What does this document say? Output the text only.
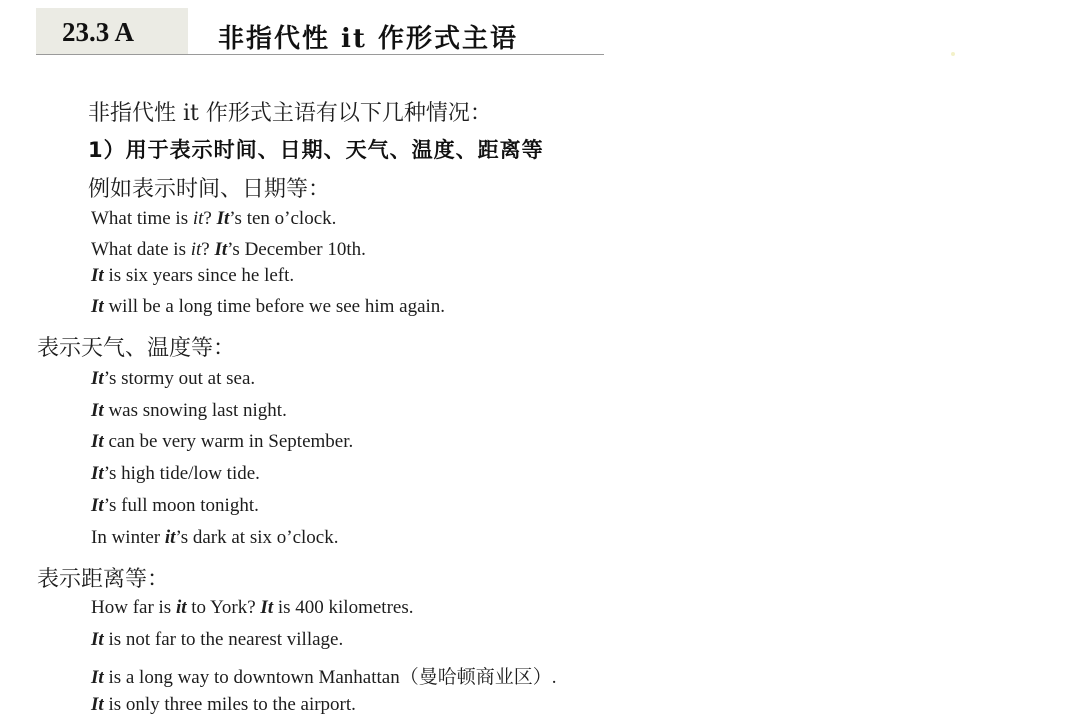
23.3 A	非指代性 it 作形式主语
非指代性 it 作形式主语有以下几种情况：
1）用于表示时间、日期、天气、温度、距离等
例如表示时间、日期等：
What time is it? It’s ten o’clock.
What date is it? It’s December 10th.
It is six years since he left.
It will be a long time before we see him again.
表示天气、温度等：
It’s stormy out at sea.
It was snowing last night.
It can be very warm in September.
It’s high tide/low tide.
It’s full moon tonight.
In winter it’s dark at six o’clock.
表示距离等：
How far is it to York? It is 400 kilometres.
It is not far to the nearest village.
It is a long way to downtown Manhattan（曼哈顿商业区）.
It is only three miles to the airport.
